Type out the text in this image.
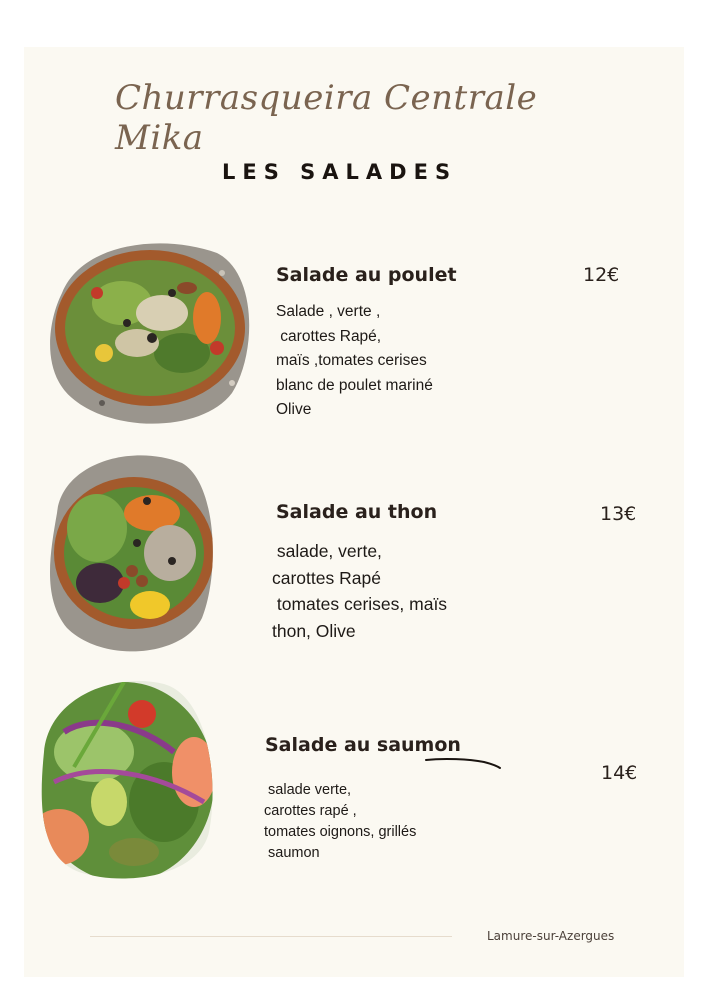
Churrasqueira Centrale Mika
LES SALADES
Salade au poulet	12€
Salade , verte ,
carottes Rapé,
maïs ,tomates cerises
blanc de poulet mariné
Olive
Salade au thon	13€
salade, verte,
carottes Rapé
tomates cerises, maïs
thon, Olive
Salade au saumon
14€
salade verte,
carottes rapé ,
tomates oignons, grillés
saumon
Lamure-sur-Azergues
